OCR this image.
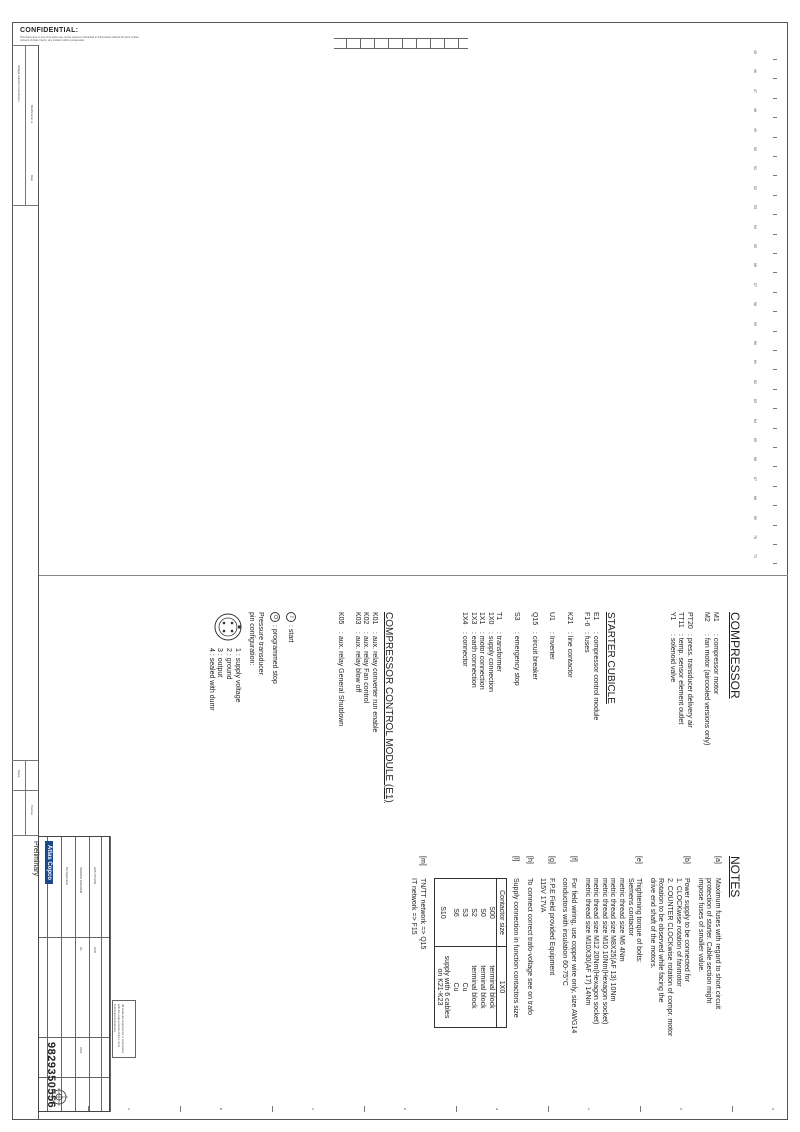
CONFIDENTIAL:
This document or any of its parts may not be copied or disclosed to third parties without the prior written consent of Atlas Copco; any violation will be prosecuted.
Voltage reduction transformer
Modification nr.
Date
Name
Position
45
46
47
48
49
50
51
52
53
54
55
56
57
58
59
60
61
62
63
64
65
66
67
68
69
70
71
A	B	C	D	E	F	G	H
COMPRESSOR
M1: compressor motor
M2: fan motor (aircooled versions only)
PT20: press. transducer delivery air
TT11: temp. sensor element outlet
Y1: solenoid valve
STARTER CUBICLE
E1: compressor control module
F1-6: fuses
K21: line contactor
U1: Inverter
Q15: circuit breaker
S3: emergency stop
T1: transformer
1X0: supply connection
1X1: motor connection
1X3: earth connection
1X4: connector
COMPRESSOR CONTROL MODULE (E1)
K01: aux. relay converter run enable
K02: aux. relay Fan control
K03: aux. relay blow off
K05: aux. relay General Shutdown
I: start
O: programmed stop
Pressure transducer
pin configuration:
1 : supply voltage
2 : ground
3 : output
4 : sealed with dumr
NOTES
[a]
Maximum fuses with regard to short circuit
protection of starter. Cable section might
impose fuses of smaller value.
[b]
Power supply to be connected for
1. CLOCKwise rotation of fanmotor
2. COUNTER CLOCKwise rotation of compr. motor
Rotation to be observed while facing the
drive end shaft of the motors.
[e]
Thightening torque of bolts:
Siemens contactor
metric thread size M6 4Nm
metric thread size M8X25(AF 13) 10Nm
metric thread size M10 10Nm(Hexagon socket)
metric thread size M12 20Nm(Hexagon socket)
metric thread size M10X30(AF 17) 14Nm
[f]
For field wiring, use copper wire only, size AWG14
conductors with insulation 60-75°C
[g]
F.P.E Field provided Equipment
115V 17VA
[h]
To connect correct trafo-voltage see on trafo
[l]
Supply connection in function contactors size
Contactor size	1X0
S00	terminal block
S0	terminal block
S2	terminal block
S3	Cu
S6	Cu
S10	supply with 6 cables on K21-K23
[m]
TN/TT network => Q15
IT network => F15
Preliminary	Atlas Copco	Not Applicable	SERVICE DIAGRAM	GA5-7/5-VSD
A3	ACD
9829350556	WXX	All materials supplied are in compliance with the requirements of the List of Prohibited Substances
